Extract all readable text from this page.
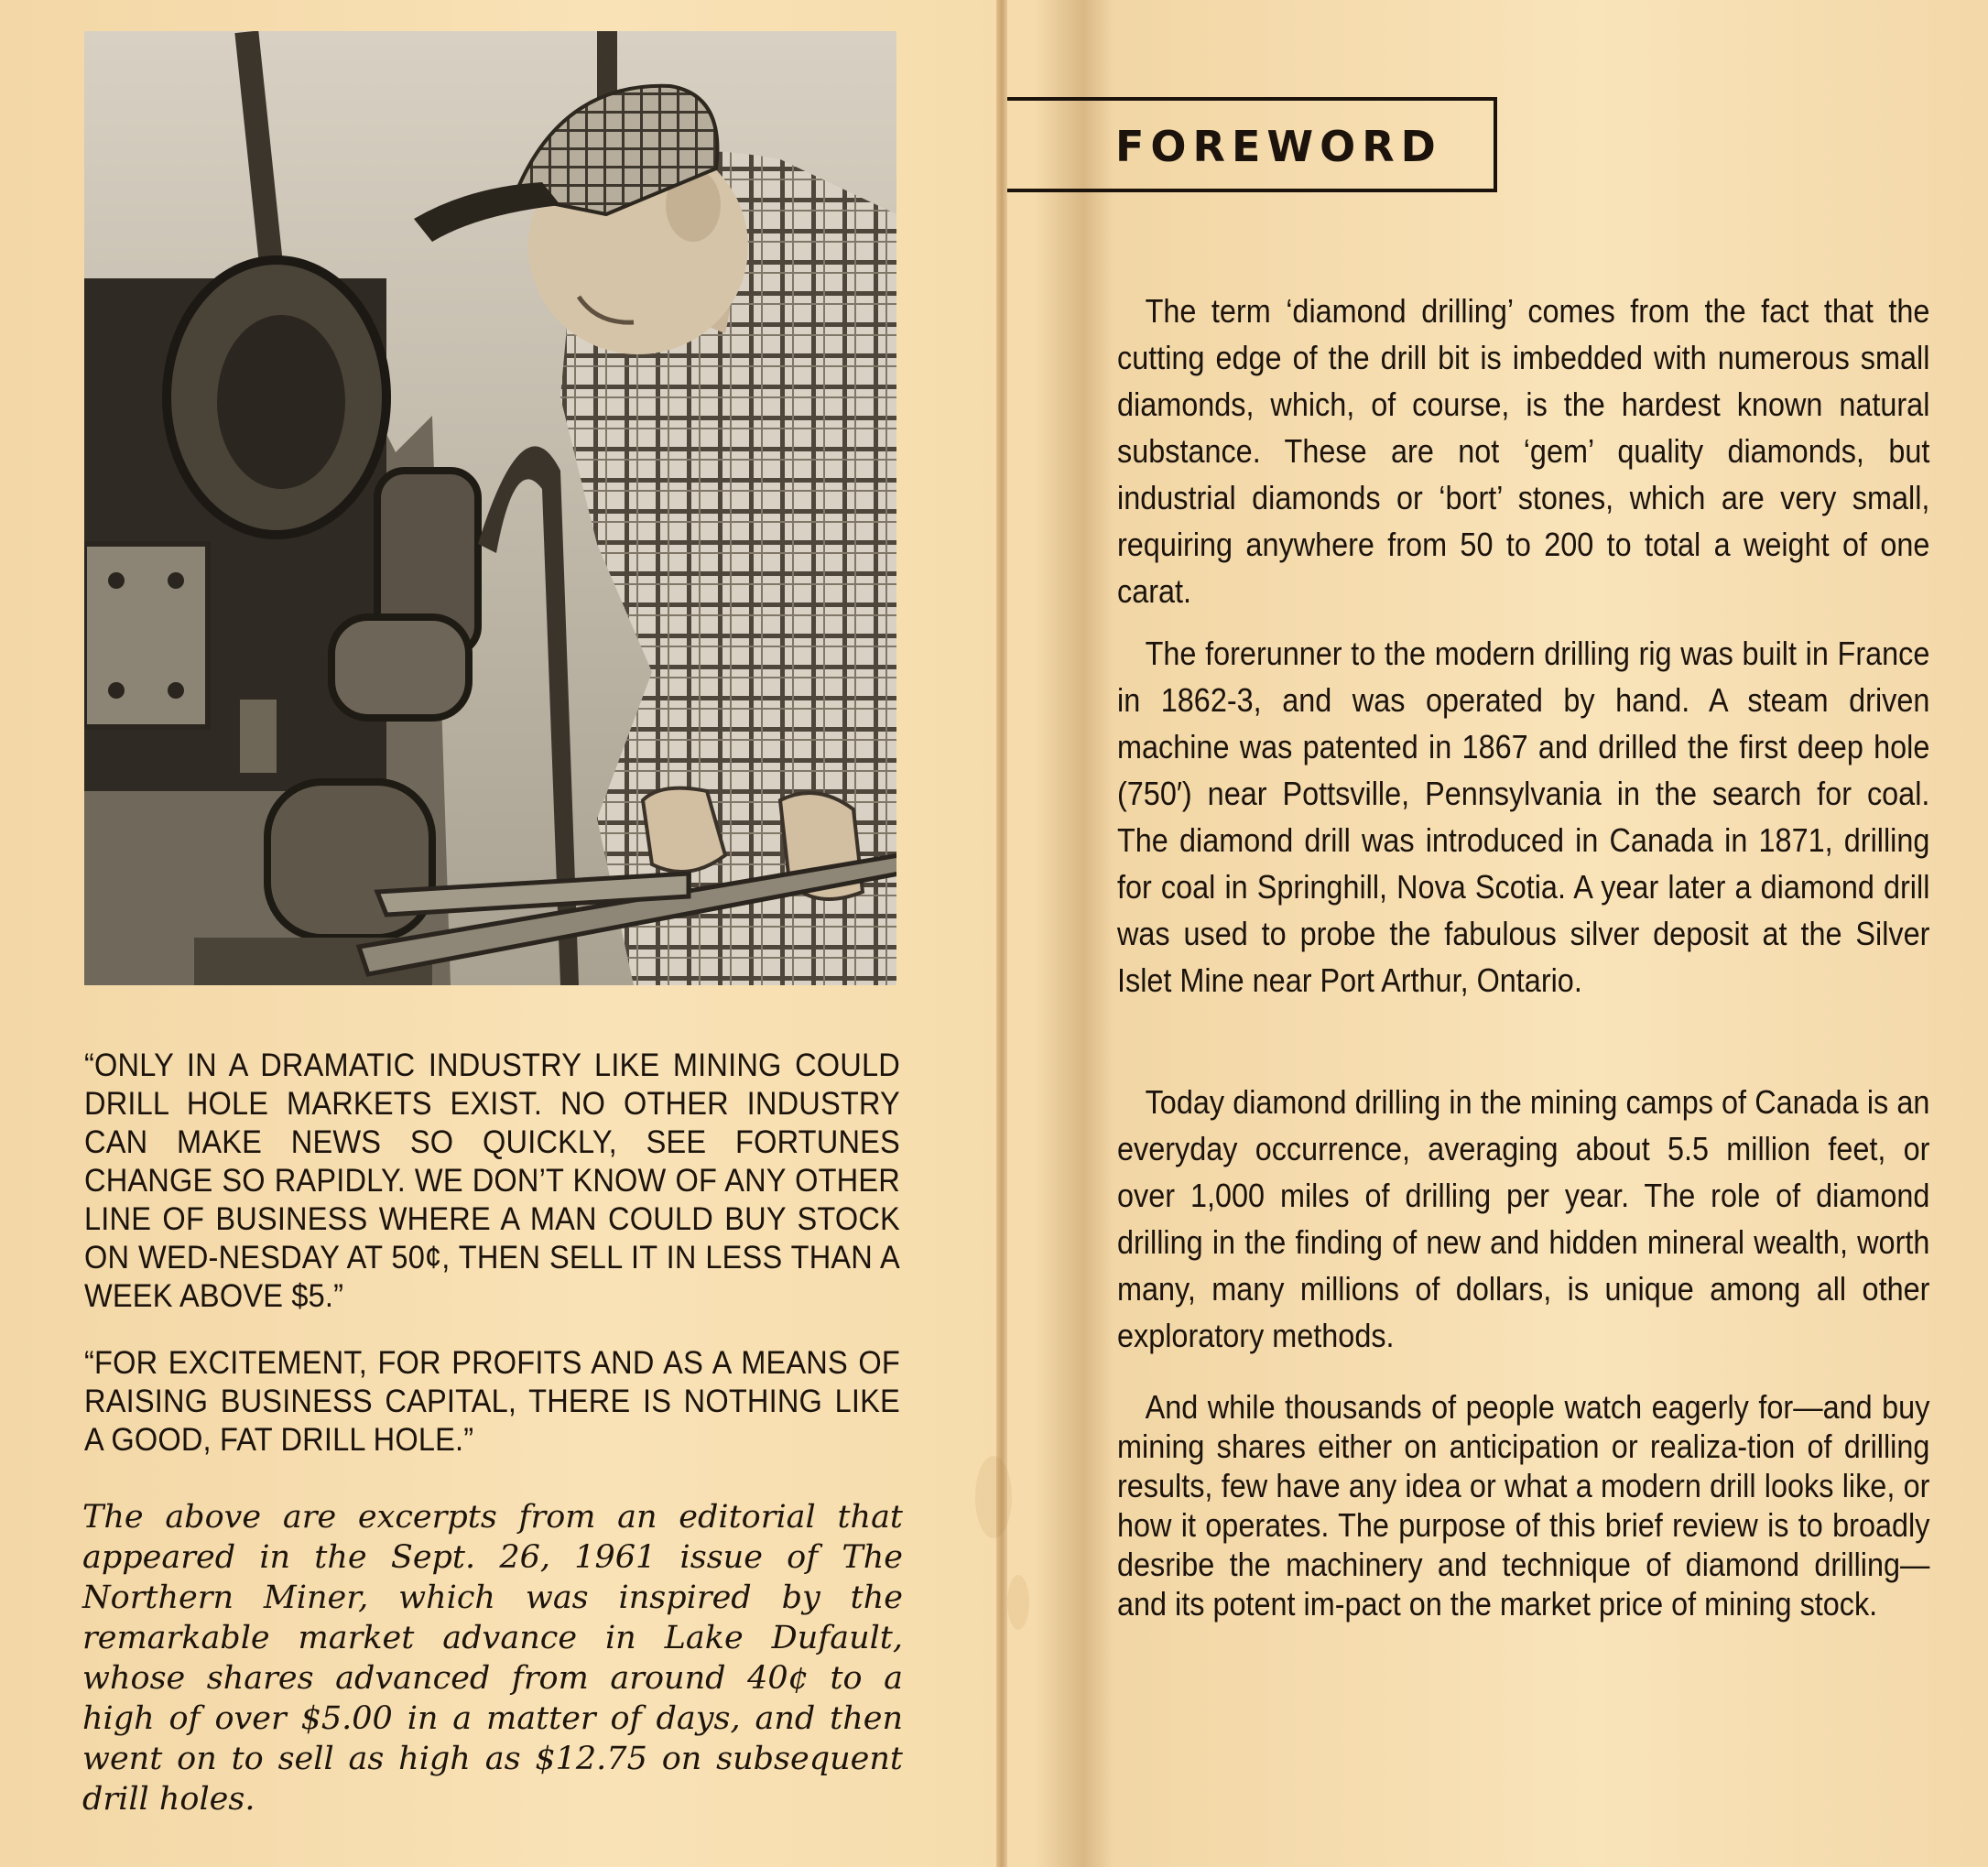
“ONLY IN A DRAMATIC INDUSTRY LIKE MINING COULD DRILL HOLE MARKETS EXIST. NO OTHER INDUSTRY CAN MAKE NEWS SO QUICKLY, SEE FORTUNES CHANGE SO RAPIDLY. WE DON’T KNOW OF ANY OTHER LINE OF BUSINESS WHERE A MAN COULD BUY STOCK ON WED-NESDAY AT 50¢, THEN SELL IT IN LESS THAN A WEEK ABOVE $5.”

“FOR EXCITEMENT, FOR PROFITS AND AS A MEANS OF RAISING BUSINESS CAPITAL, THERE IS NOTHING LIKE A GOOD, FAT DRILL HOLE.”

The above are excerpts from an editorial that appeared in the Sept. 26, 1961 issue of The Northern Miner, which was inspired by the remarkable market advance in Lake Dufault, whose shares advanced from around 40¢ to a high of over $5.00 in a matter of days, and then went on to sell as high as $12.75 on subsequent drill holes.

FOREWORD

The term ‘diamond drilling’ comes from the fact that the cutting edge of the drill bit is imbedded with numerous small diamonds, which, of course, is the hardest known natural substance. These are not ‘gem’ quality diamonds, but industrial diamonds or ‘bort’ stones, which are very small, requiring anywhere from 50 to 200 to total a weight of one carat.

The forerunner to the modern drilling rig was built in France in 1862-3, and was operated by hand. A steam driven machine was patented in 1867 and drilled the first deep hole (750′) near Pottsville, Pennsylvania in the search for coal. The diamond drill was introduced in Canada in 1871, drilling for coal in Springhill, Nova Scotia. A year later a diamond drill was used to probe the fabulous silver deposit at the Silver Islet Mine near Port Arthur, Ontario.

Today diamond drilling in the mining camps of Canada is an everyday occurrence, averaging about 5.5 million feet, or over 1,000 miles of drilling per year. The role of diamond drilling in the finding of new and hidden mineral wealth, worth many, many millions of dollars, is unique among all other exploratory methods.

And while thousands of people watch eagerly for—and buy mining shares either on anticipation or realiza-tion of drilling results, few have any idea or what a modern drill looks like, or how it operates. The purpose of this brief review is to broadly desribe the machinery and technique of diamond drilling—and its potent im-pact on the market price of mining stock.
